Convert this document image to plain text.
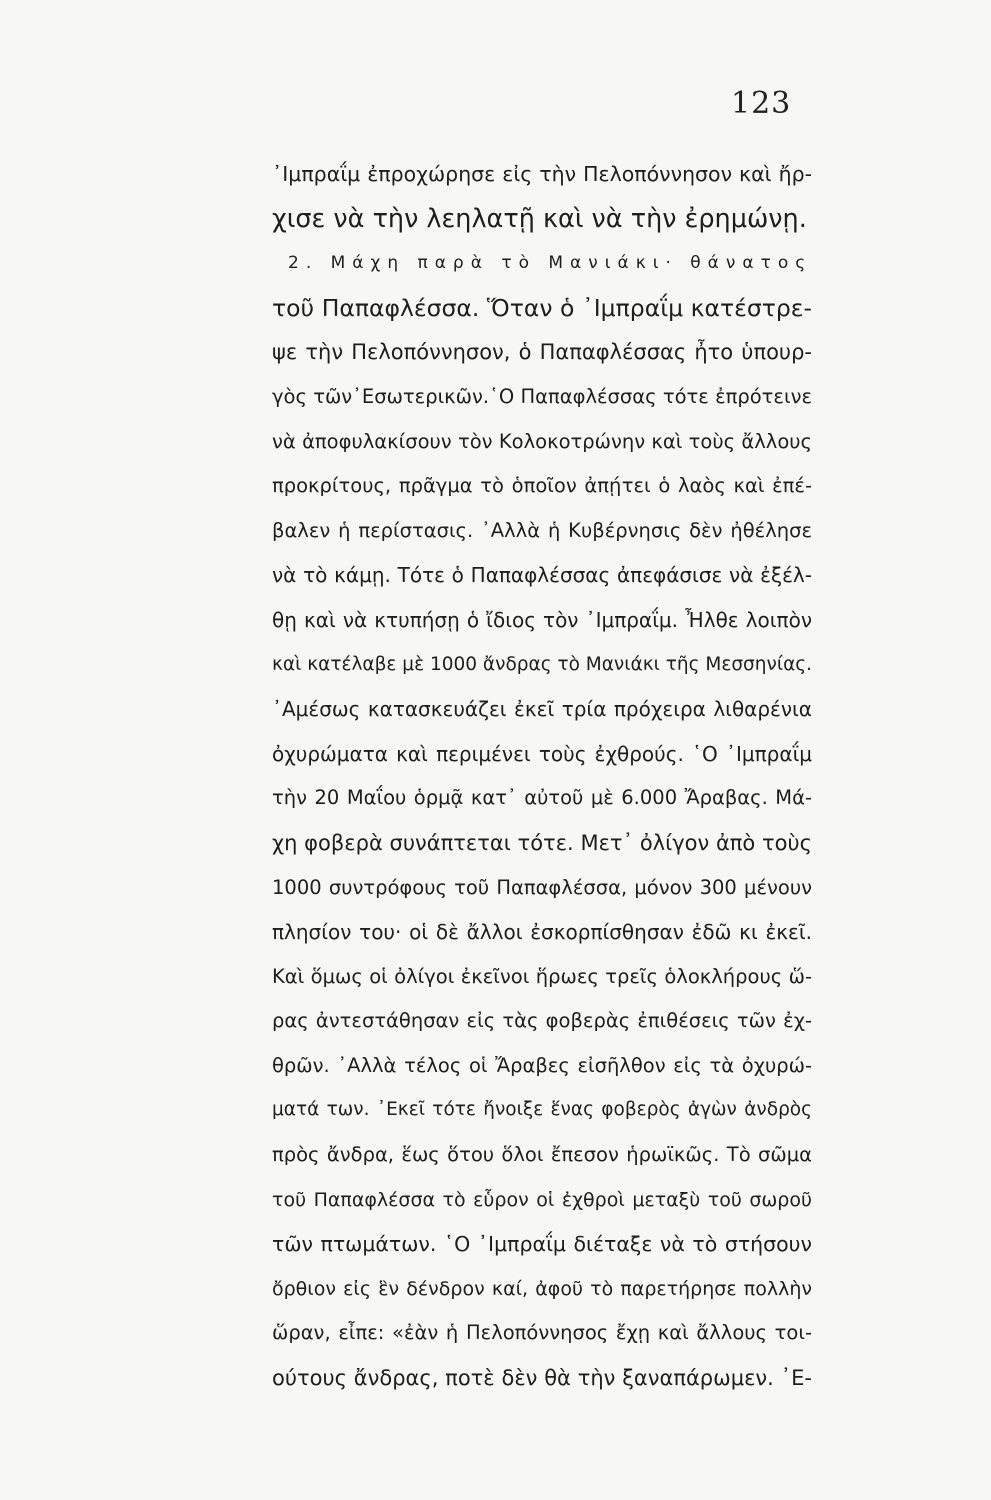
123
᾿Ιμπραΐμ ἐπροχώρησε εἰς τὴν Πελοπόννησον καὶ ἤρ-
χισε νὰ τὴν λεηλατῇ καὶ νὰ τὴν ἐρημώνῃ.
2. Μάχη παρὰ τὸ Μανιάκι· θάνατος
τοῦ Παπαφλέσσα. Ὅταν ὁ ᾿Ιμπραΐμ κατέστρε-
ψε τὴν Πελοπόννησον, ὁ Παπαφλέσσας ἦτο ὑπουρ-
γὸς τῶν᾿Εσωτερικῶν.῾Ο Παπαφλέσσας τότε ἐπρότεινε
νὰ ἀποφυλακίσουν τὸν Κολοκοτρώνην καὶ τοὺς ἄλλους
προκρίτους, πρᾶγμα τὸ ὁποῖον ἀπῄτει ὁ λαὸς καὶ ἐπέ-
βαλεν ἡ περίστασις. ᾿Αλλὰ ἡ Κυβέρνησις δὲν ἠθέλησε
νὰ τὸ κάμῃ. Τότε ὁ Παπαφλέσσας ἀπεφάσισε νὰ ἐξέλ-
θῃ καὶ νὰ κτυπήσῃ ὁ ἴδιος τὸν ᾿Ιμπραΐμ. Ἦλθε λοιπὸν
καὶ κατέλαβε μὲ 1000 ἄνδρας τὸ Μανιάκι τῆς Μεσσηνίας.
᾿Αμέσως κατασκευάζει ἐκεῖ τρία πρόχειρα λιθαρένια
ὀχυρώματα καὶ περιμένει τοὺς ἐχθρούς. ῾Ο ᾿Ιμπραΐμ
τὴν 20 Μαΐου ὁρμᾷ κατ᾿ αὐτοῦ μὲ 6.000 Ἄραβας. Μά-
χη φοβερὰ συνάπτεται τότε. Μετ᾿ ὀλίγον ἀπὸ τοὺς
1000 συντρόφους τοῦ Παπαφλέσσα, μόνον 300 μένουν
πλησίον του· οἱ δὲ ἄλλοι ἐσκορπίσθησαν ἐδῶ κι ἐκεῖ.
Καὶ ὅμως οἱ ὀλίγοι ἐκεῖνοι ἥρωες τρεῖς ὁλοκλήρους ὥ-
ρας ἀντεστάθησαν εἰς τὰς φοβερὰς ἐπιθέσεις τῶν ἐχ-
θρῶν. ᾿Αλλὰ τέλος οἱ Ἄραβες εἰσῆλθον εἰς τὰ ὀχυρώ-
ματά των. ᾿Εκεῖ τότε ἤνοιξε ἕνας φοβερὸς ἀγὼν ἀνδρὸς
πρὸς ἄνδρα, ἕως ὅτου ὅλοι ἔπεσον ἡρωϊκῶς. Τὸ σῶμα
τοῦ Παπαφλέσσα τὸ εὗρον οἱ ἐχθροὶ μεταξὺ τοῦ σωροῦ
τῶν πτωμάτων. ῾Ο ᾿Ιμπραΐμ διέταξε νὰ τὸ στήσουν
ὄρθιον εἰς ἓν δένδρον καί, ἀφοῦ τὸ παρετήρησε πολλὴν
ὥραν, εἶπε: «ἐὰν ἡ Πελοπόννησος ἔχῃ καὶ ἄλλους τοι-
ούτους ἄνδρας, ποτὲ δὲν θὰ τὴν ξαναπάρωμεν. ᾿Ε-
